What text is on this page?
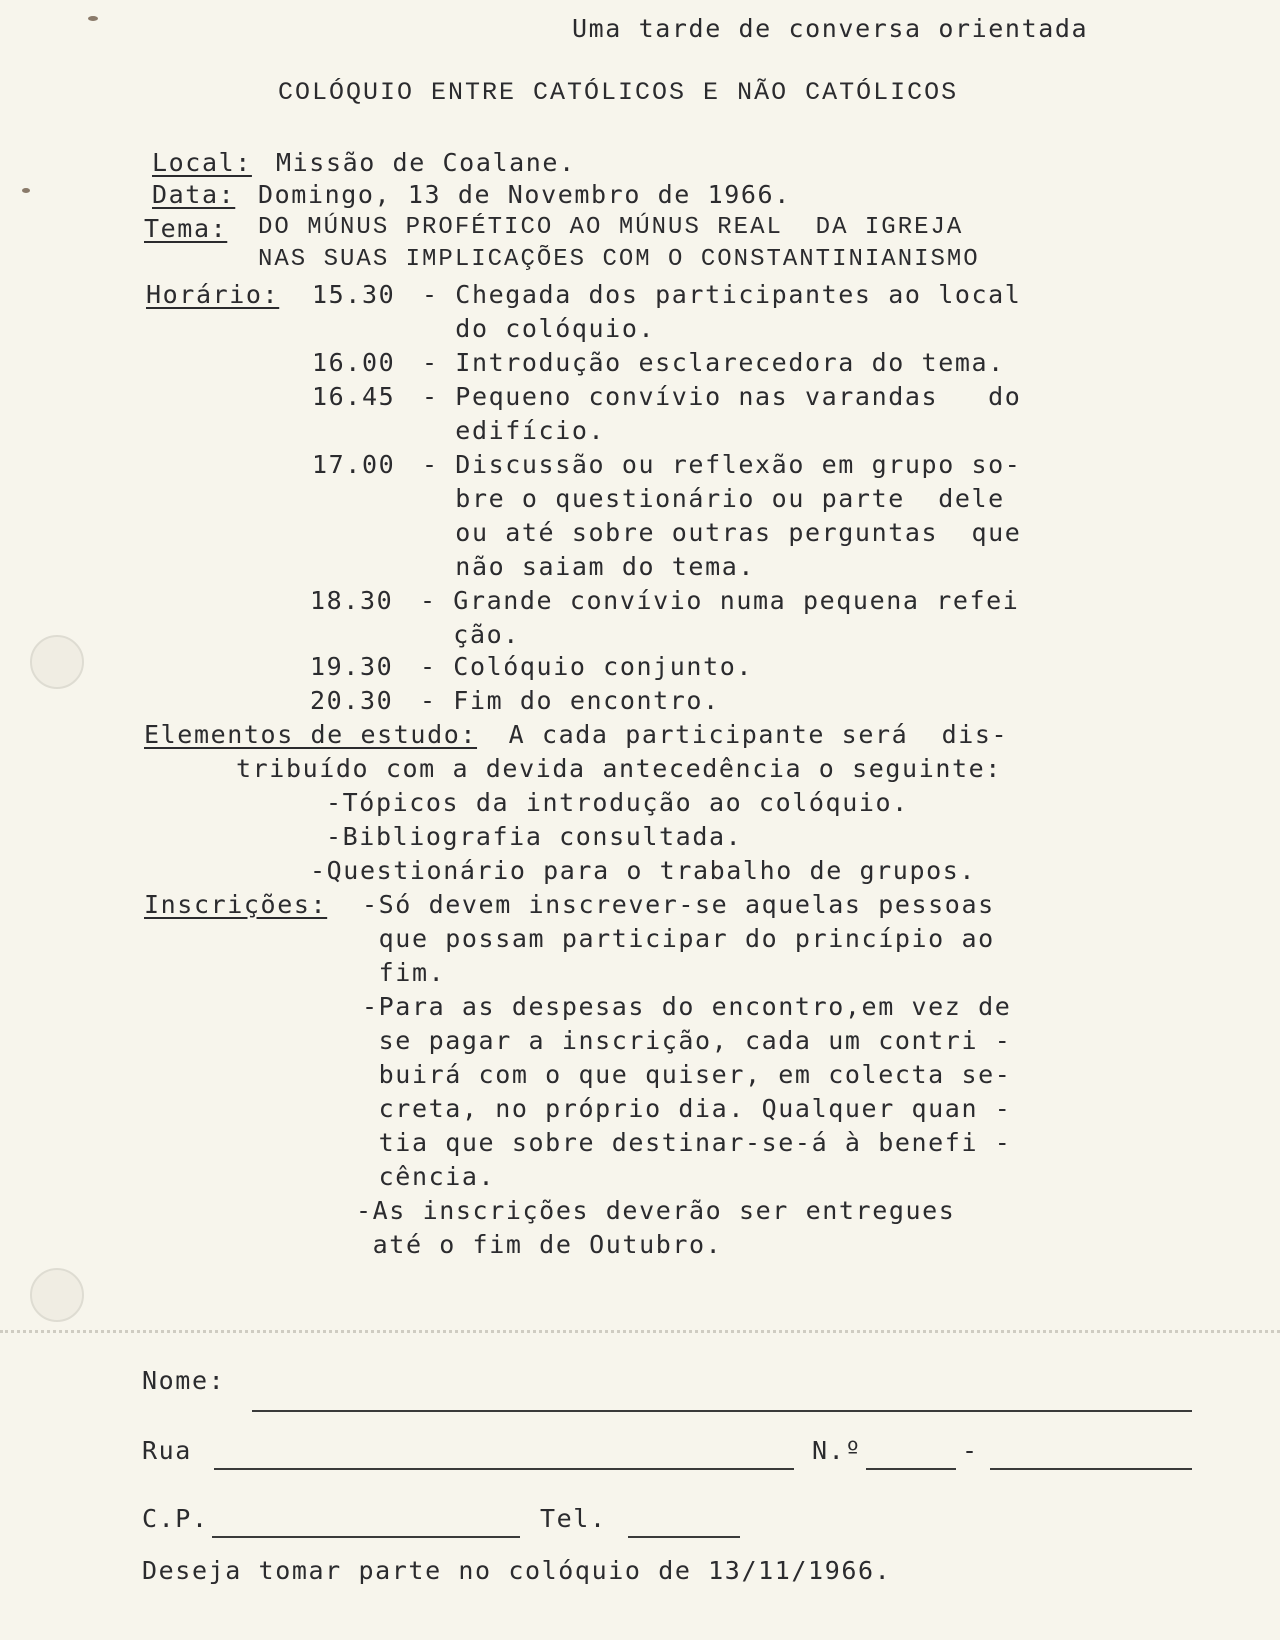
Uma tarde de conversa orientada
COLÓQUIO ENTRE CATÓLICOS E NÃO CATÓLICOS
Local: Missão de Coalane.
Data: Domingo, 13 de Novembro de 1966.
Tema: DO MÚNUS PROFÉTICO AO MÚNUS REAL  DA IGREJA
NAS SUAS IMPLICAÇÕES COM O CONSTANTINIANISMO
Horário: 15.30 - Chegada dos participantes ao local
do colóquio.
16.00 - Introdução esclarecedora do tema.
16.45 - Pequeno convívio nas varandas   do
edifício.
17.00 - Discussão ou reflexão em grupo so-
bre o questionário ou parte  dele
ou até sobre outras perguntas  que
não saiam do tema.
18.30 - Grande convívio numa pequena refei
ção.
19.30 - Colóquio conjunto.
20.30 - Fim do encontro.
Elementos de estudo: A cada participante será  dis-
tribuído com a devida antecedência o seguinte:
-Tópicos da introdução ao colóquio.
-Bibliografia consultada.
-Questionário para o trabalho de grupos.
Inscrições: -Só devem inscrever-se aquelas pessoas
que possam participar do princípio ao
fim.
-Para as despesas do encontro,em vez de
se pagar a inscrição, cada um contri -
buirá com o que quiser, em colecta se-
creta, no próprio dia. Qualquer quan -
tia que sobre destinar-se-á à benefi -
cência.
-As inscrições deverão ser entregues
até o fim de Outubro.
Nome:
Rua	N.º	-
C.P.	Tel.
Deseja tomar parte no colóquio de 13/11/1966.
